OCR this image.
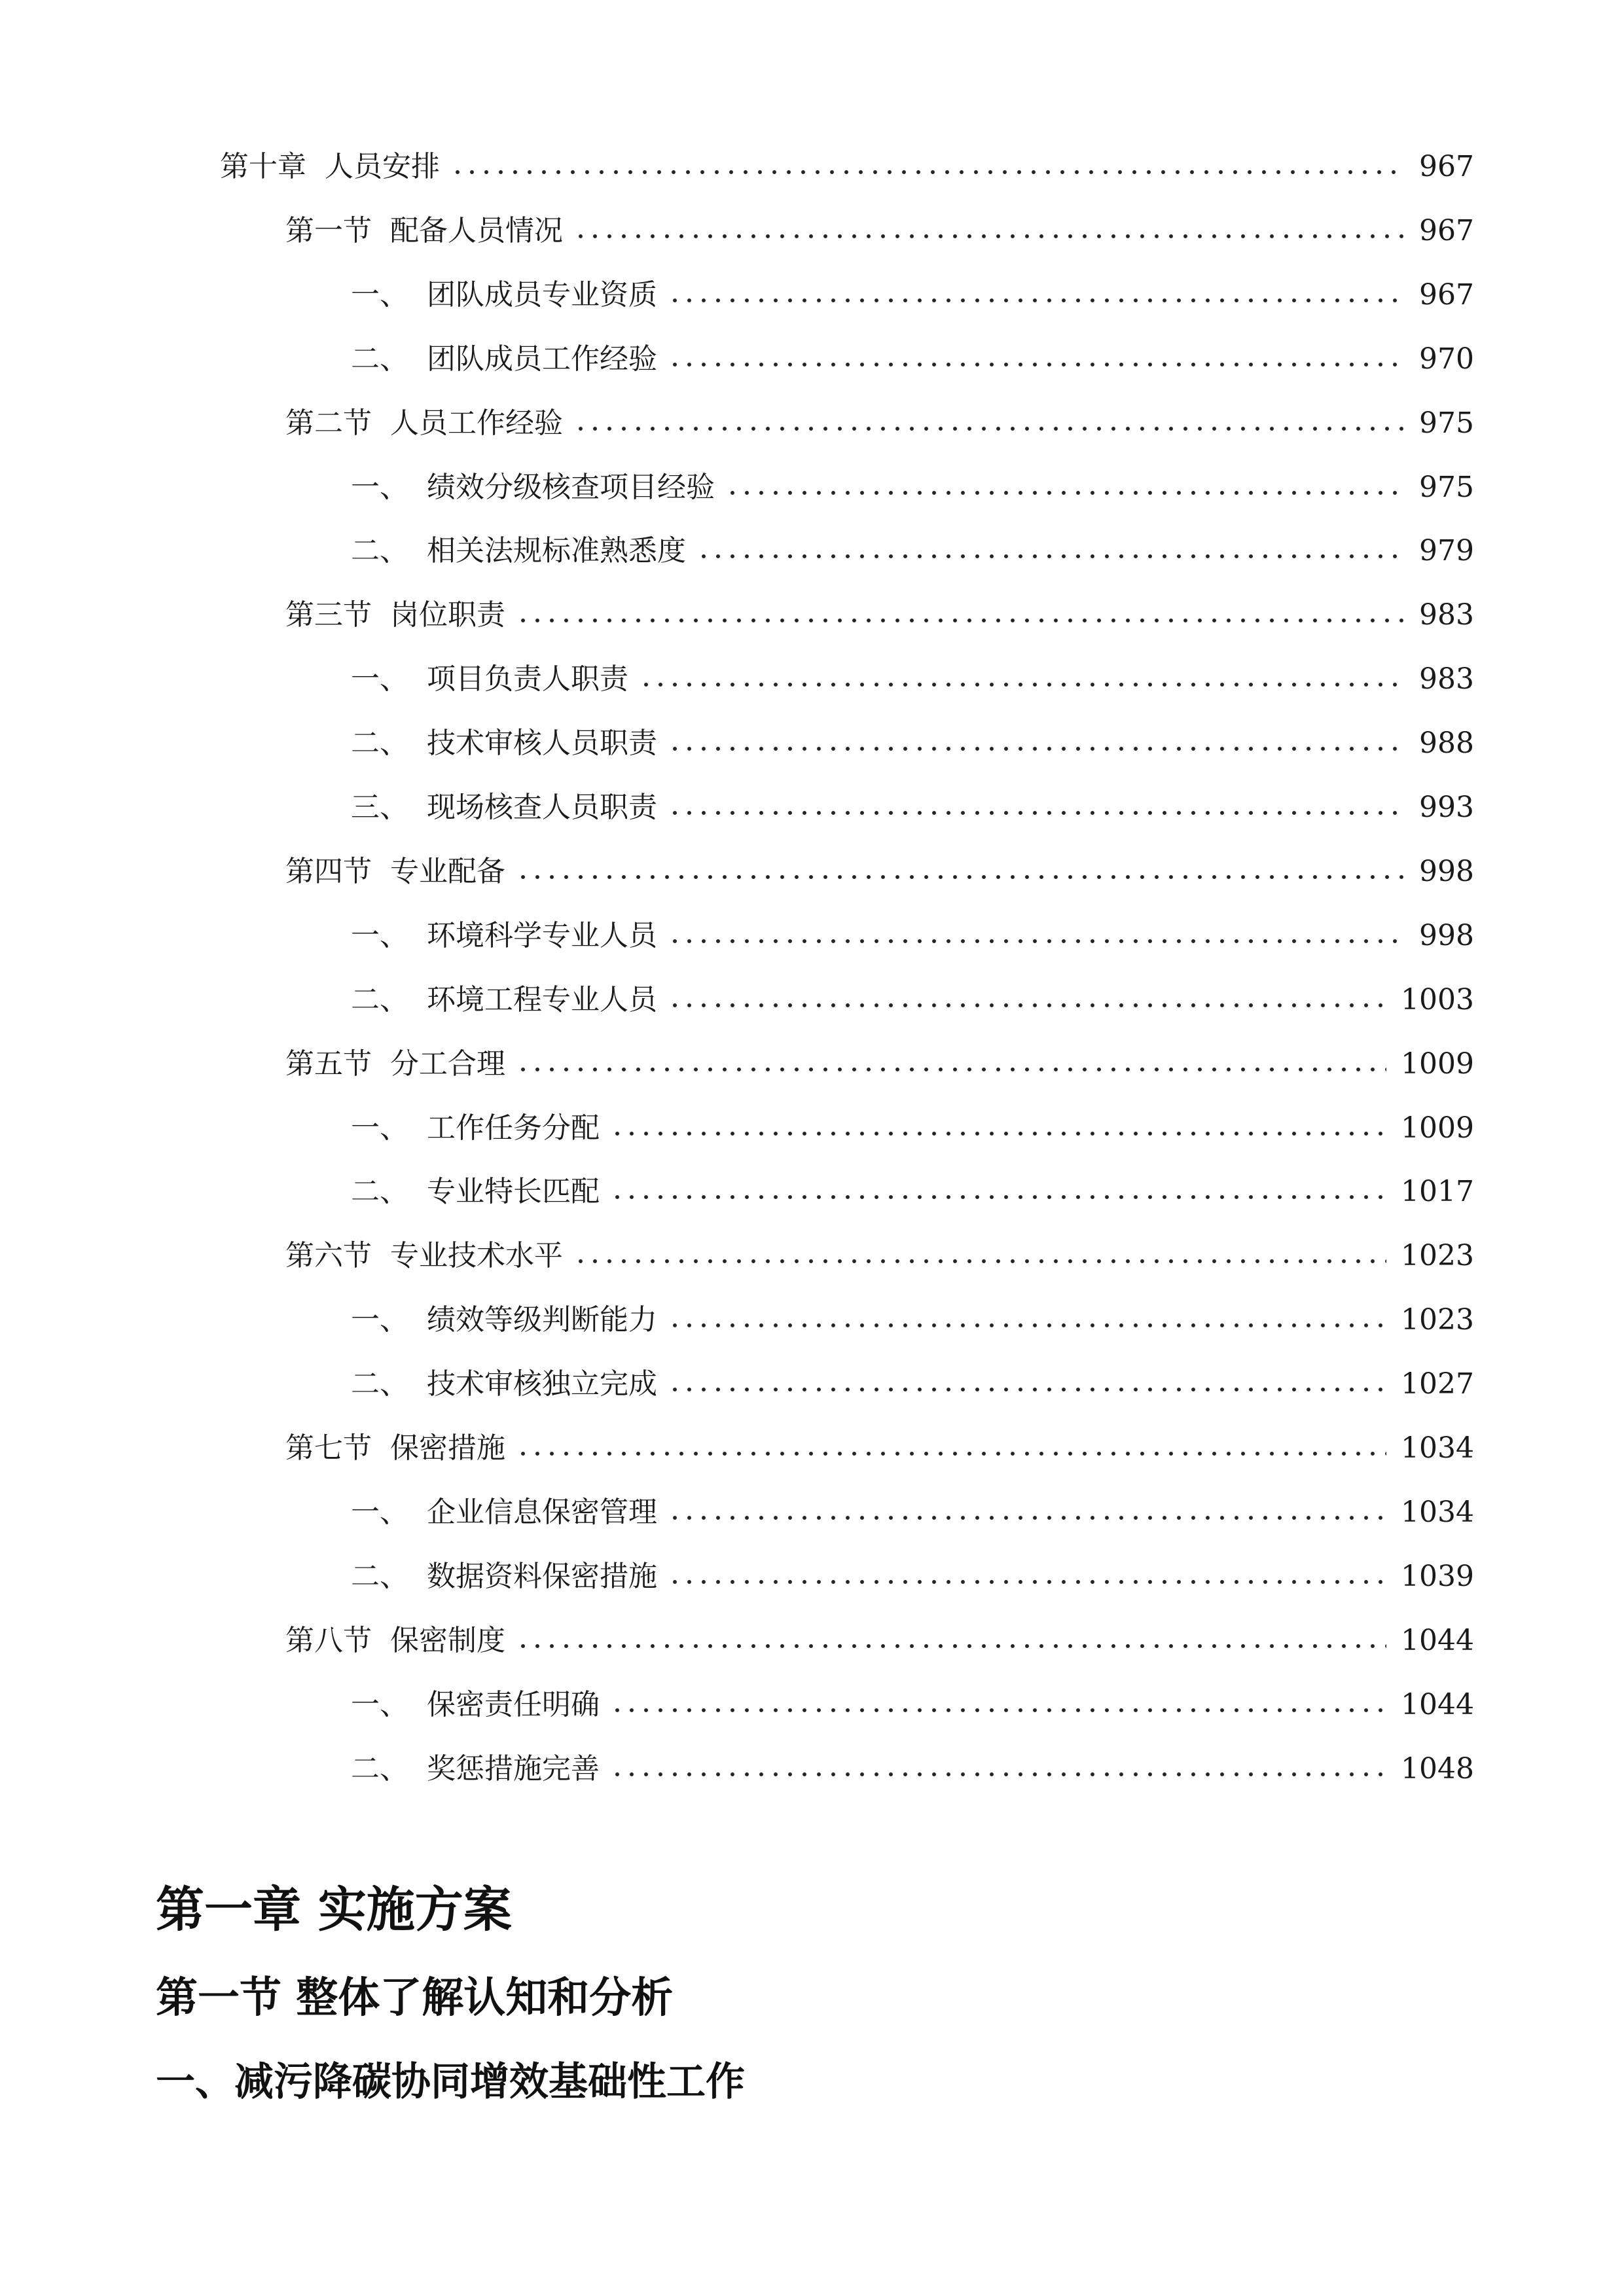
第十章  人员安排	967
第一节  配备人员情况	967
一、 团队成员专业资质	967
二、 团队成员工作经验	970
第二节  人员工作经验	975
一、 绩效分级核查项目经验	975
二、 相关法规标准熟悉度	979
第三节  岗位职责	983
一、 项目负责人职责	983
二、 技术审核人员职责	988
三、 现场核查人员职责	993
第四节  专业配备	998
一、 环境科学专业人员	998
二、 环境工程专业人员	1003
第五节  分工合理	1009
一、 工作任务分配	1009
二、 专业特长匹配	1017
第六节  专业技术水平	1023
一、 绩效等级判断能力	1023
二、 技术审核独立完成	1027
第七节  保密措施	1034
一、 企业信息保密管理	1034
二、 数据资料保密措施	1039
第八节  保密制度	1044
一、 保密责任明确	1044
二、 奖惩措施完善	1048
第一章 实施方案
第一节 整体了解认知和分析
一、减污降碳协同增效基础性工作
